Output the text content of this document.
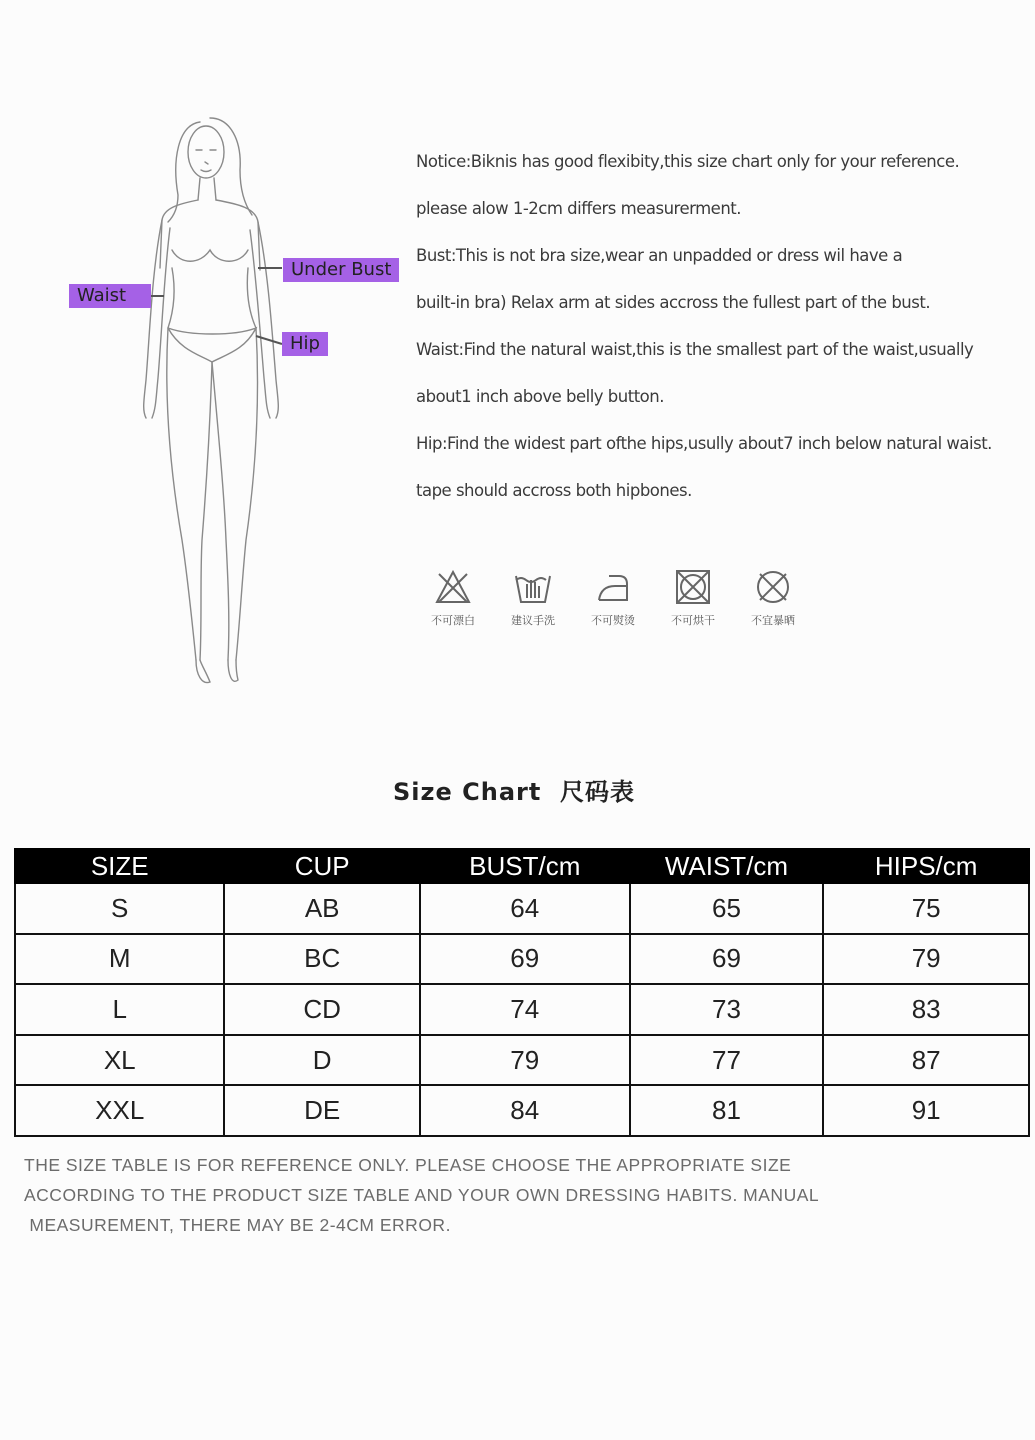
Under Bust
Waist
Hip

Notice:Biknis has good flexibity,this size chart only for your reference.

please alow 1-2cm differs measurerment.

Bust:This is not bra size,wear an unpadded or dress wil have a

built-in bra) Relax arm at sides accross the fullest part of the bust.

Waist:Find the natural waist,this is the smallest part of the waist,usually

about1 inch above belly button.

Hip:Find the widest part ofthe hips,usully about7 inch below natural waist.

tape should accross both hipbones.

不可漂白	建议手洗	不可熨烫	不可烘干	不宜暴晒
Size Chart  尺码表
SIZE	CUP	BUST/cm	WAIST/cm	HIPS/cm
S	AB	64	65	75
M	BC	69	69	79
L	CD	74	73	83
XL	D	79	77	87
XXL	DE	84	81	91
THE SIZE TABLE IS FOR REFERENCE ONLY. PLEASE CHOOSE THE APPROPRIATE SIZE
ACCORDING TO THE PRODUCT SIZE TABLE AND YOUR OWN DRESSING HABITS. MANUAL
MEASUREMENT, THERE MAY BE 2-4CM ERROR.
